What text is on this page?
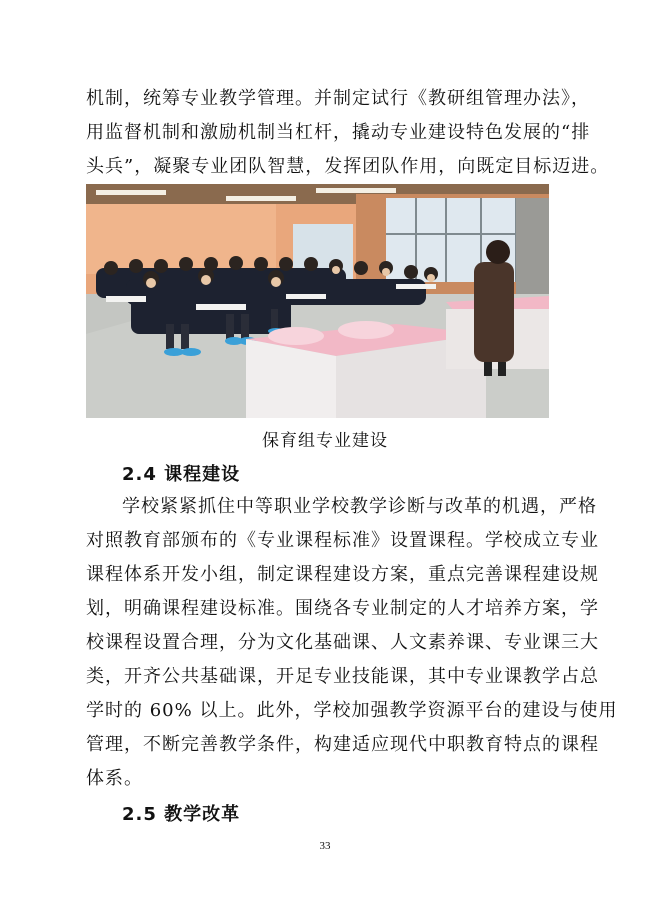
机制，统筹专业教学管理。并制定试行《教研组管理办法》，
用监督机制和激励机制当杠杆，撬动专业建设特色发展的“排
头兵”，凝聚专业团队智慧，发挥团队作用，向既定目标迈进。
保育组专业建设
2.4 课程建设
学校紧紧抓住中等职业学校教学诊断与改革的机遇，严格
对照教育部颁布的《专业课程标准》设置课程。学校成立专业
课程体系开发小组，制定课程建设方案，重点完善课程建设规
划，明确课程建设标准。围绕各专业制定的人才培养方案，学
校课程设置合理，分为文化基础课、人文素养课、专业课三大
类，开齐公共基础课，开足专业技能课，其中专业课教学占总
学时的 60% 以上。此外，学校加强教学资源平台的建设与使用
管理，不断完善教学条件，构建适应现代中职教育特点的课程
体系。
2.5 教学改革
33
